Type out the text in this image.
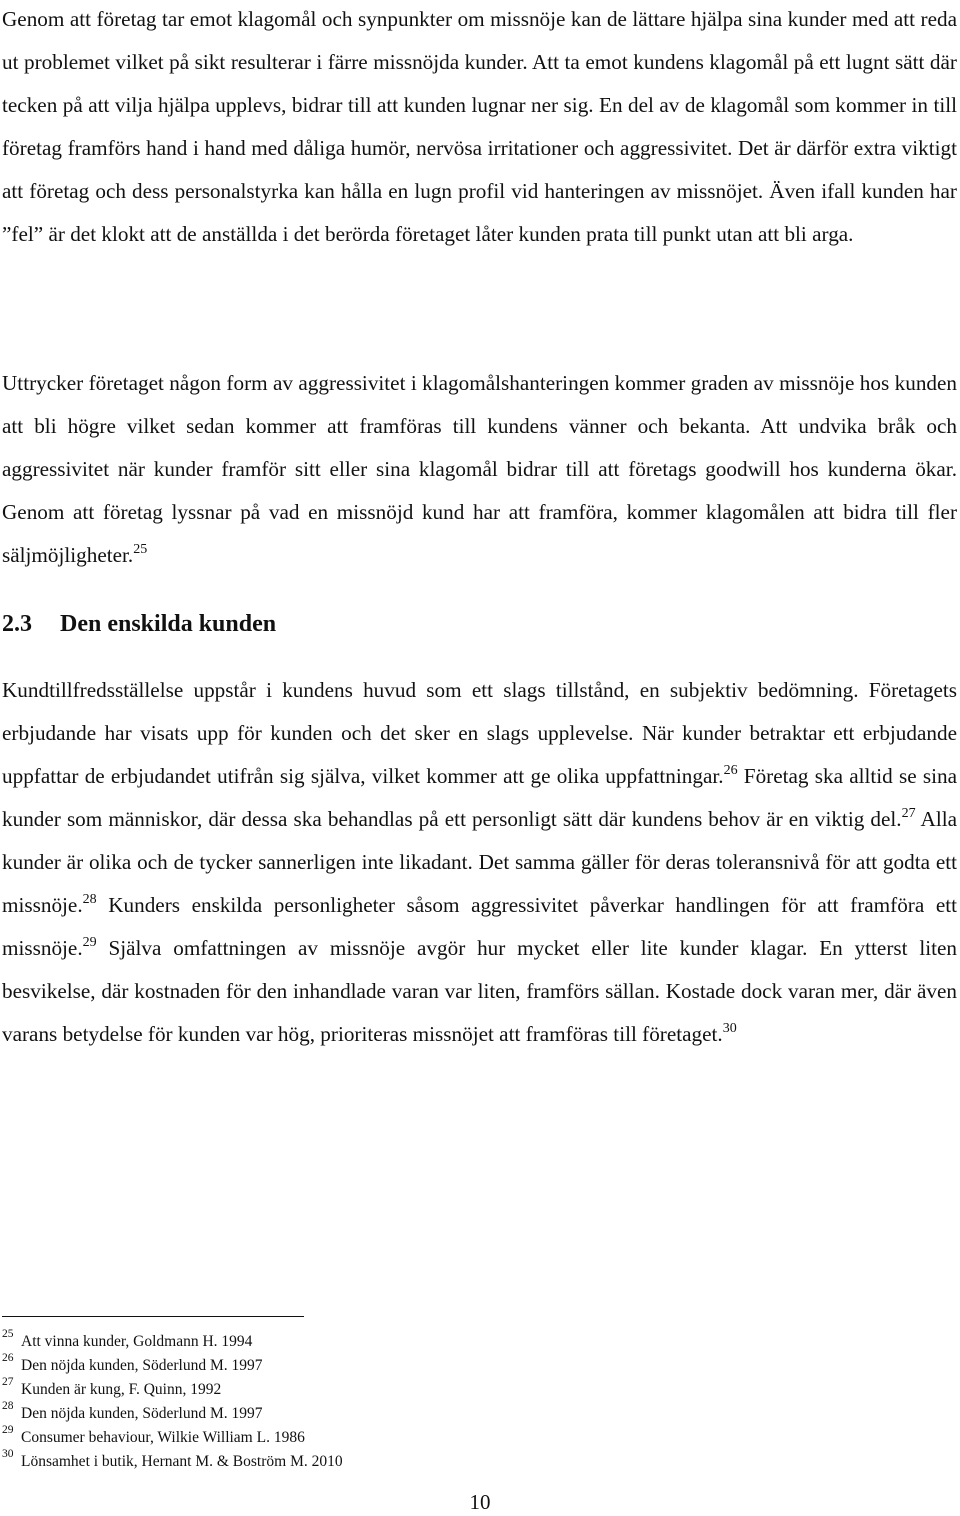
Genom att företag tar emot klagomål och synpunkter om missnöje kan de lättare hjälpa sina kunder med att reda ut problemet vilket på sikt resulterar i färre missnöjda kunder. Att ta emot kundens klagomål på ett lugnt sätt där tecken på att vilja hjälpa upplevs, bidrar till att kunden lugnar ner sig. En del av de klagomål som kommer in till företag framförs hand i hand med dåliga humör, nervösa irritationer och aggressivitet. Det är därför extra viktigt att företag och dess personalstyrka kan hålla en lugn profil vid hanteringen av missnöjet. Även ifall kunden har ”fel” är det klokt att de anställda i det berörda företaget låter kunden prata till punkt utan att bli arga.

Uttrycker företaget någon form av aggressivitet i klagomålshanteringen kommer graden av missnöje hos kunden att bli högre vilket sedan kommer att framföras till kundens vänner och bekanta. Att undvika bråk och aggressivitet när kunder framför sitt eller sina klagomål bidrar till att företags goodwill hos kunderna ökar. Genom att företag lyssnar på vad en missnöjd kund har att framföra, kommer klagomålen att bidra till fler säljmöjligheter.$^{25}$

2.3 Den enskilda kunden

Kundtillfredsställelse uppstår i kundens huvud som ett slags tillstånd, en subjektiv bedömning. Företagets erbjudande har visats upp för kunden och det sker en slags upplevelse. När kunder betraktar ett erbjudande uppfattar de erbjudandet utifrån sig själva, vilket kommer att ge olika uppfattningar.$^{26}$ Företag ska alltid se sina kunder som människor, där dessa ska behandlas på ett personligt sätt där kundens behov är en viktig del.$^{27}$ Alla kunder är olika och de tycker sannerligen inte likadant. Det samma gäller för deras toleransnivå för att godta ett missnöje.$^{28}$ Kunders enskilda personligheter såsom aggressivitet påverkar handlingen för att framföra ett missnöje.$^{29}$ Själva omfattningen av missnöje avgör hur mycket eller lite kunder klagar. En ytterst liten besvikelse, där kostnaden för den inhandlade varan var liten, framförs sällan. Kostade dock varan mer, där även varans betydelse för kunden var hög, prioriteras missnöjet att framföras till företaget.$^{30}$

25 Att vinna kunder, Goldmann H. 1994
26 Den nöjda kunden, Söderlund M. 1997
27 Kunden är kung, F. Quinn, 1992
28 Den nöjda kunden, Söderlund M. 1997
29 Consumer behaviour, Wilkie William L. 1986
30 Lönsamhet i butik, Hernant M. & Boström M. 2010
10
